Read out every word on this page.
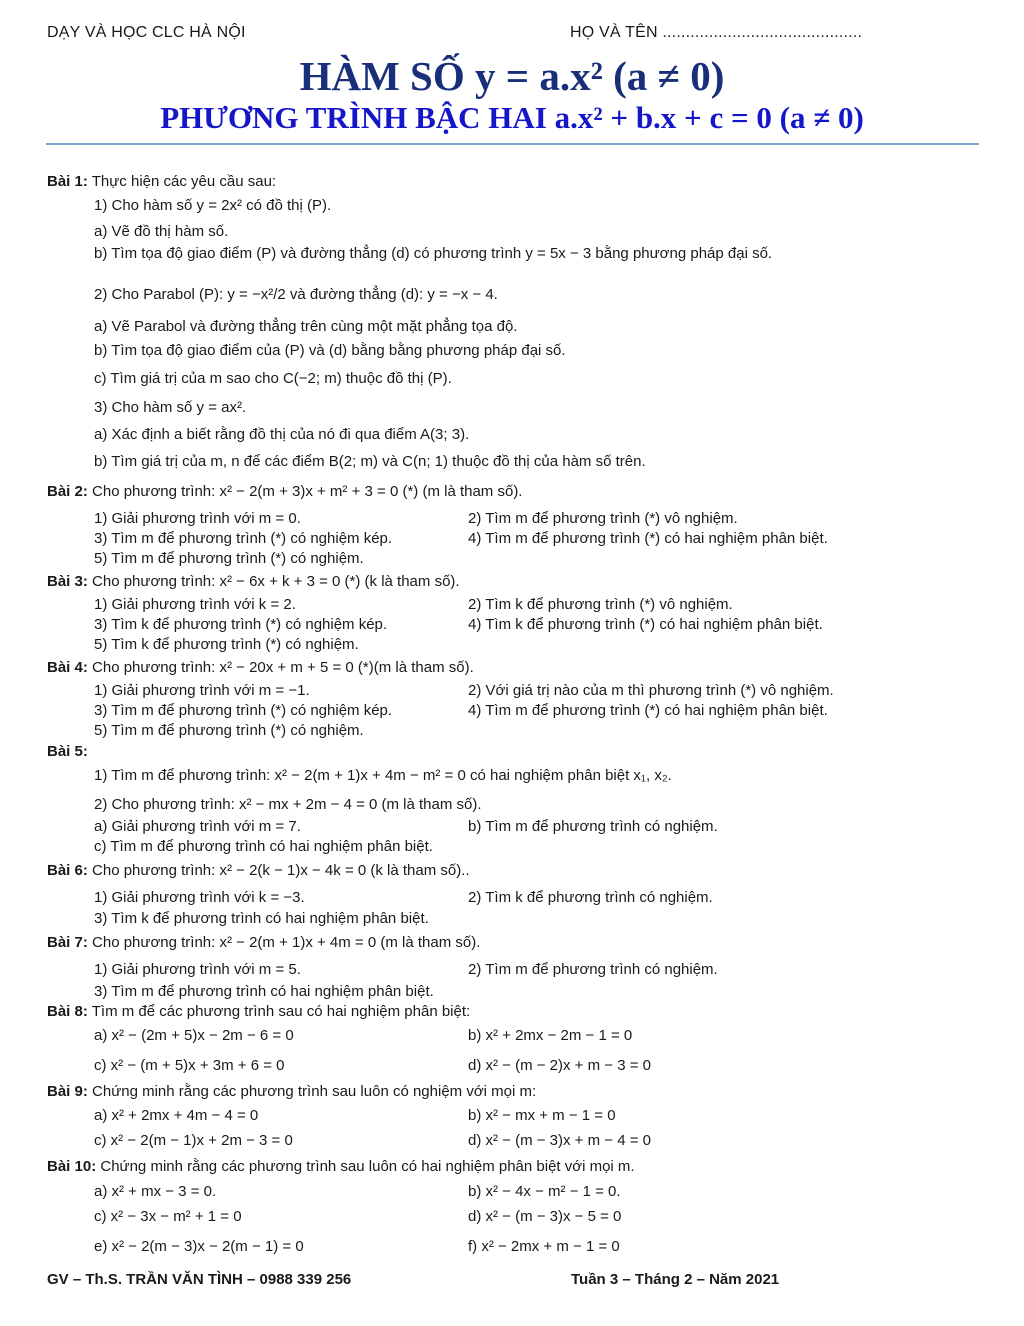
DẠY VÀ HỌC CLC HÀ NỘI	HỌ VÀ TÊN ...........................................
HÀM SỐ y = a.x² (a ≠ 0)
PHƯƠNG TRÌNH BẬC HAI a.x² + b.x + c = 0 (a ≠ 0)
Bài 1: Thực hiện các yêu cầu sau:
1) Cho hàm số y = 2x² có đồ thị (P).
a) Vẽ đồ thị hàm số.
b) Tìm tọa độ giao điểm (P) và đường thẳng (d) có phương trình y = 5x − 3 bằng phương pháp đại số.
2) Cho Parabol (P): y = −x²/2 và đường thẳng (d): y = −x − 4.
a) Vẽ Parabol và đường thẳng trên cùng một mặt phẳng tọa độ.
b) Tìm tọa độ giao điểm của (P) và (d) bằng bằng phương pháp đại số.
c) Tìm giá trị của m sao cho C(−2; m) thuộc đồ thị (P).
3) Cho hàm số y = ax².
a) Xác định a biết rằng đồ thị của nó đi qua điểm A(3; 3).
b) Tìm giá trị của m, n để các điểm B(2; m) và C(n; 1) thuộc đồ thị của hàm số trên.
Bài 2: Cho phương trình: x² − 2(m + 3)x + m² + 3 = 0 (*) (m là tham số).
1) Giải phương trình với m = 0.	2) Tìm m để phương trình (*) vô nghiệm.
3) Tìm m để phương trình (*) có nghiệm kép.	4) Tìm m để phương trình (*) có hai nghiệm phân biệt.
5) Tìm m để phương trình (*) có nghiệm.
Bài 3: Cho phương trình: x² − 6x + k + 3 = 0 (*) (k là tham số).
1) Giải phương trình với k = 2.	2) Tìm k để phương trình (*) vô nghiệm.
3) Tìm k để phương trình (*) có nghiệm kép.	4) Tìm k để phương trình (*) có hai nghiệm phân biệt.
5) Tìm k để phương trình (*) có nghiệm.
Bài 4: Cho phương trình: x² − 20x + m + 5 = 0 (*)(m là tham số).
1) Giải phương trình với m = −1.	2) Với giá trị nào của m thì phương trình (*) vô nghiệm.
3) Tìm m để phương trình (*) có nghiệm kép.	4) Tìm m để phương trình (*) có hai nghiệm phân biệt.
5) Tìm m để phương trình (*) có nghiệm.
Bài 5:
1) Tìm m để phương trình: x² − 2(m + 1)x + 4m − m² = 0 có hai nghiệm phân biệt x₁, x₂.
2) Cho phương trình: x² − mx + 2m − 4 = 0 (m là tham số).
a) Giải phương trình với m = 7.	b) Tìm m để phương trình có nghiệm.
c) Tìm m để phương trình có hai nghiệm phân biệt.
Bài 6: Cho phương trình: x² − 2(k − 1)x − 4k = 0 (k là tham số)..
1) Giải phương trình với k = −3.	2) Tìm k để phương trình có nghiệm.
3) Tìm k để phương trình có hai nghiệm phân biệt.
Bài 7: Cho phương trình: x² − 2(m + 1)x + 4m = 0 (m là tham số).
1) Giải phương trình với m = 5.	2) Tìm m để phương trình có nghiệm.
3) Tìm m để phương trình có hai nghiệm phân biệt.
Bài 8: Tìm m để các phương trình sau có hai nghiệm phân biệt:
a) x² − (2m + 5)x − 2m − 6 = 0	b) x² + 2mx − 2m − 1 = 0
c) x² − (m + 5)x + 3m + 6 = 0	d) x² − (m − 2)x + m − 3 = 0
Bài 9: Chứng minh rằng các phương trình sau luôn có nghiệm với mọi m:
a) x² + 2mx + 4m − 4 = 0	b) x² − mx + m − 1 = 0
c) x² − 2(m − 1)x + 2m − 3 = 0	d) x² − (m − 3)x + m − 4 = 0
Bài 10: Chứng minh rằng các phương trình sau luôn có hai nghiệm phân biệt với mọi m.
a) x² + mx − 3 = 0.	b) x² − 4x − m² − 1 = 0.
c) x² − 3x − m² + 1 = 0	d) x² − (m − 3)x − 5 = 0
e) x² − 2(m − 3)x − 2(m − 1) = 0	f) x² − 2mx + m − 1 = 0
GV – Th.S. TRẦN VĂN TÌNH – 0988 339 256	Tuần 3 – Tháng 2 – Năm 2021
